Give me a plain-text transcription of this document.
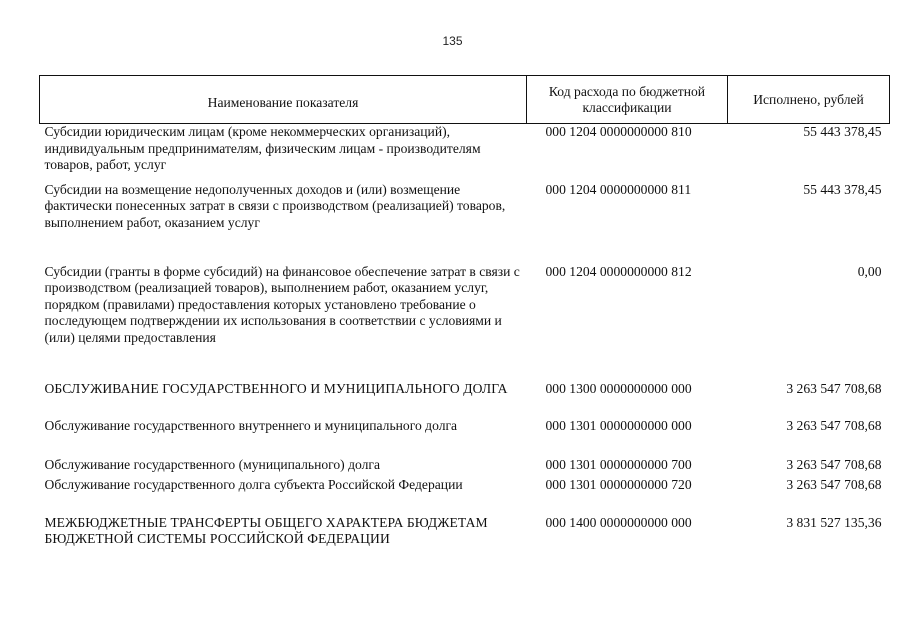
135
Наименование показателя	Код расхода по бюджетной классификации	Исполнено, рублей
Субсидии юридическим лицам (кроме некоммерческих организаций), индивидуальным предпринимателям, физическим лицам - производителям товаров, работ, услуг	000 1204 0000000000 810	55 443 378,45
Субсидии на возмещение недополученных доходов и (или) возмещение фактически понесенных затрат в связи с производством (реализацией) товаров, выполнением работ, оказанием услуг	000 1204 0000000000 811	55 443 378,45
Субсидии (гранты в форме субсидий) на финансовое обеспечение затрат в связи с производством (реализацией товаров), выполнением работ, оказанием услуг, порядком (правилами) предоставления которых установлено требование о последующем подтверждении их использования в соответствии с условиями и (или) целями предоставления	000 1204 0000000000 812	0,00
ОБСЛУЖИВАНИЕ ГОСУДАРСТВЕННОГО И МУНИЦИПАЛЬНОГО ДОЛГА	000 1300 0000000000 000	3 263 547 708,68
Обслуживание государственного внутреннего и муниципального долга	000 1301 0000000000 000	3 263 547 708,68
Обслуживание государственного (муниципального) долга	000 1301 0000000000 700	3 263 547 708,68
Обслуживание государственного долга субъекта Российской Федерации	000 1301 0000000000 720	3 263 547 708,68
МЕЖБЮДЖЕТНЫЕ ТРАНСФЕРТЫ ОБЩЕГО ХАРАКТЕРА БЮДЖЕТАМ БЮДЖЕТНОЙ СИСТЕМЫ РОССИЙСКОЙ ФЕДЕРАЦИИ	000 1400 0000000000 000	3 831 527 135,36
